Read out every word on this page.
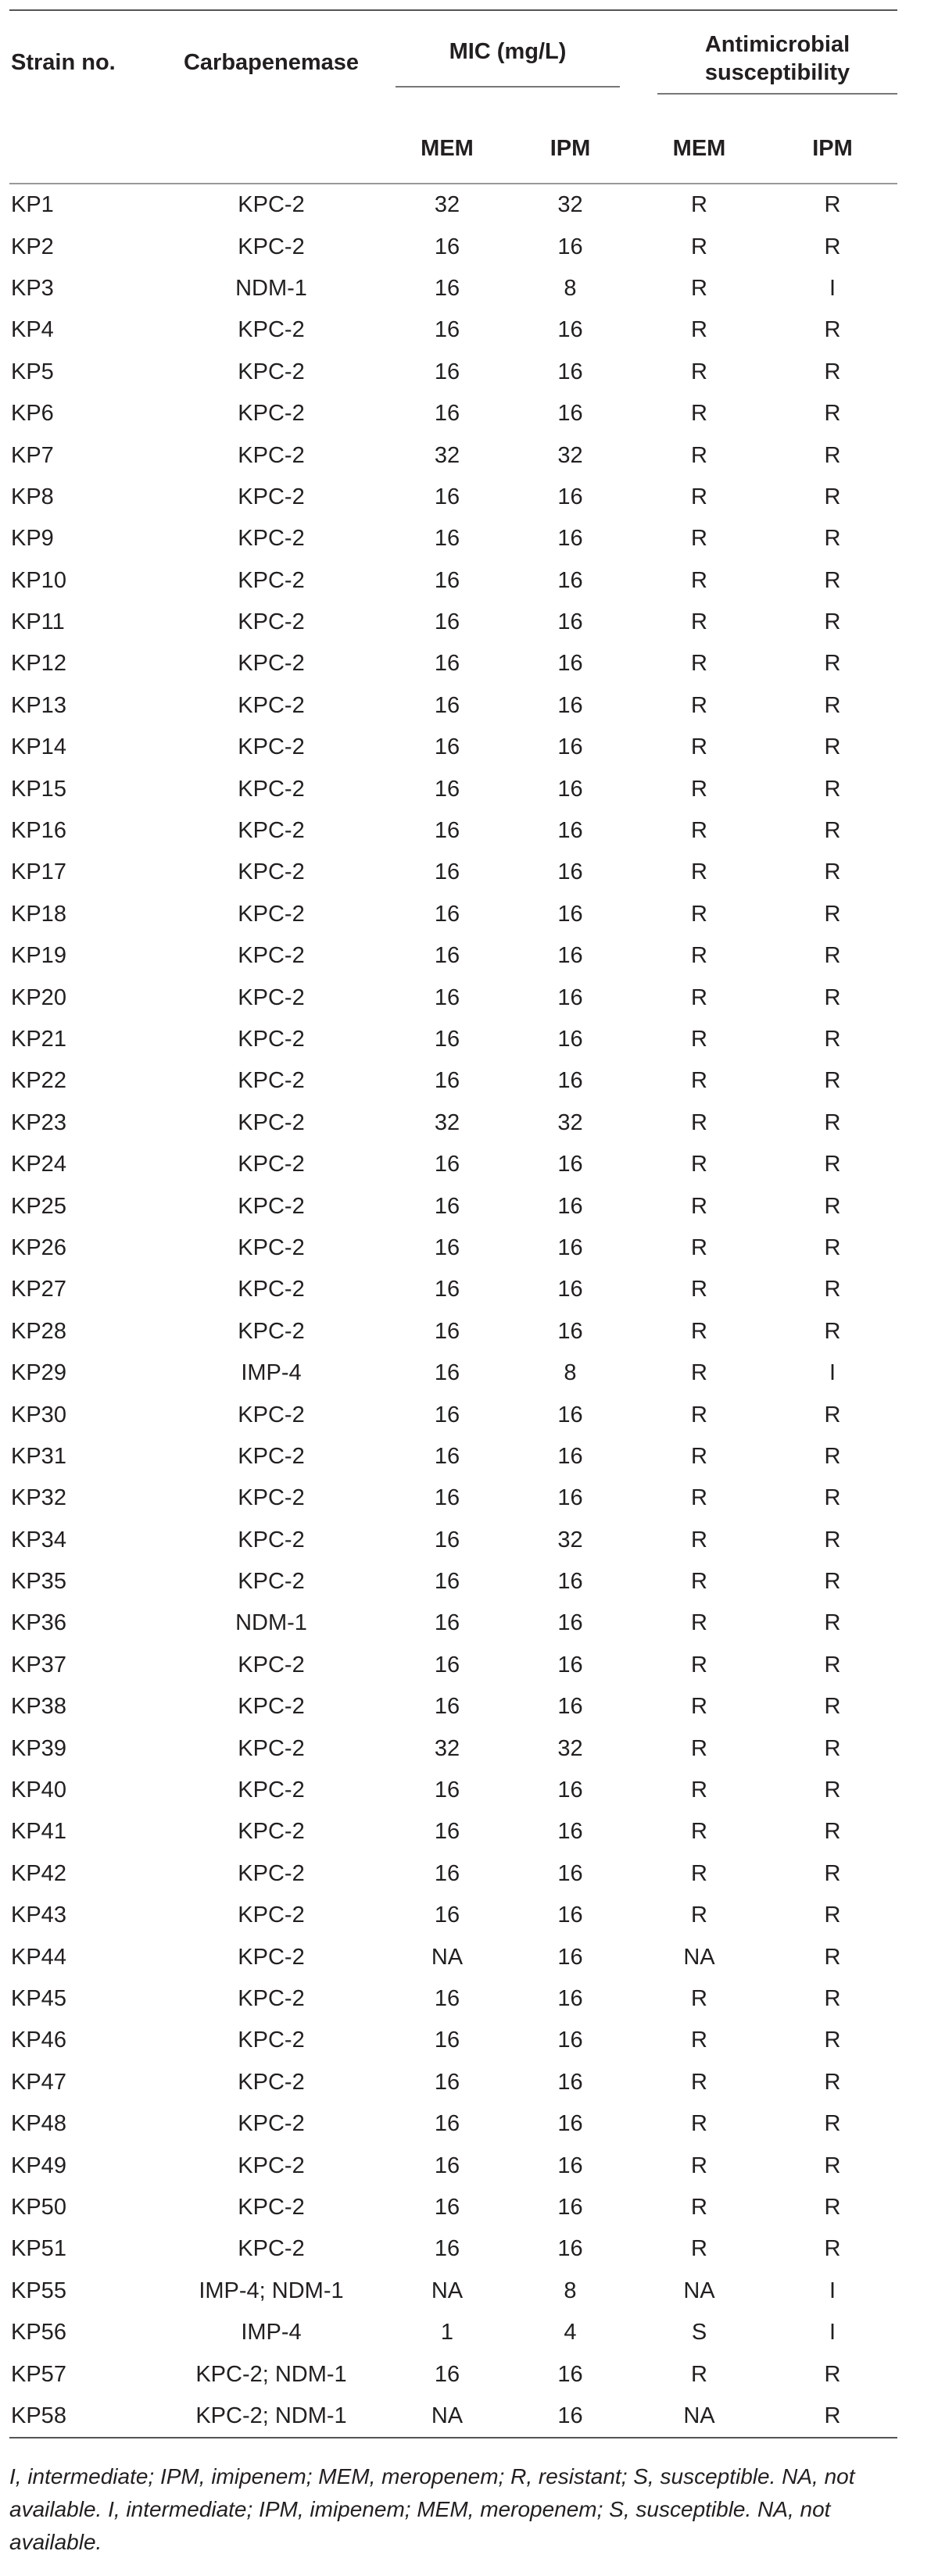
Strain no.	Carbapenemase	MIC (mg/L)		Antimicrobial susceptibility	

		MEM	IPM	MEM	IPM
KP1	KPC-2	32	32	R	R
KP2	KPC-2	16	16	R	R
KP3	NDM-1	16	8	R	I
KP4	KPC-2	16	16	R	R
KP5	KPC-2	16	16	R	R
KP6	KPC-2	16	16	R	R
KP7	KPC-2	32	32	R	R
KP8	KPC-2	16	16	R	R
KP9	KPC-2	16	16	R	R
KP10	KPC-2	16	16	R	R
KP11	KPC-2	16	16	R	R
KP12	KPC-2	16	16	R	R
KP13	KPC-2	16	16	R	R
KP14	KPC-2	16	16	R	R
KP15	KPC-2	16	16	R	R
KP16	KPC-2	16	16	R	R
KP17	KPC-2	16	16	R	R
KP18	KPC-2	16	16	R	R
KP19	KPC-2	16	16	R	R
KP20	KPC-2	16	16	R	R
KP21	KPC-2	16	16	R	R
KP22	KPC-2	16	16	R	R
KP23	KPC-2	32	32	R	R
KP24	KPC-2	16	16	R	R
KP25	KPC-2	16	16	R	R
KP26	KPC-2	16	16	R	R
KP27	KPC-2	16	16	R	R
KP28	KPC-2	16	16	R	R
KP29	IMP-4	16	8	R	I
KP30	KPC-2	16	16	R	R
KP31	KPC-2	16	16	R	R
KP32	KPC-2	16	16	R	R
KP34	KPC-2	16	32	R	R
KP35	KPC-2	16	16	R	R
KP36	NDM-1	16	16	R	R
KP37	KPC-2	16	16	R	R
KP38	KPC-2	16	16	R	R
KP39	KPC-2	32	32	R	R
KP40	KPC-2	16	16	R	R
KP41	KPC-2	16	16	R	R
KP42	KPC-2	16	16	R	R
KP43	KPC-2	16	16	R	R
KP44	KPC-2	NA	16	NA	R
KP45	KPC-2	16	16	R	R
KP46	KPC-2	16	16	R	R
KP47	KPC-2	16	16	R	R
KP48	KPC-2	16	16	R	R
KP49	KPC-2	16	16	R	R
KP50	KPC-2	16	16	R	R
KP51	KPC-2	16	16	R	R
KP55	IMP-4; NDM-1	NA	8	NA	I
KP56	IMP-4	1	4	S	I
KP57	KPC-2; NDM-1	16	16	R	R
KP58	KPC-2; NDM-1	NA	16	NA	R
I, intermediate; IPM, imipenem; MEM, meropenem; R, resistant; S, susceptible. NA, not available. I, intermediate; IPM, imipenem; MEM, meropenem; S, susceptible. NA, not available.
